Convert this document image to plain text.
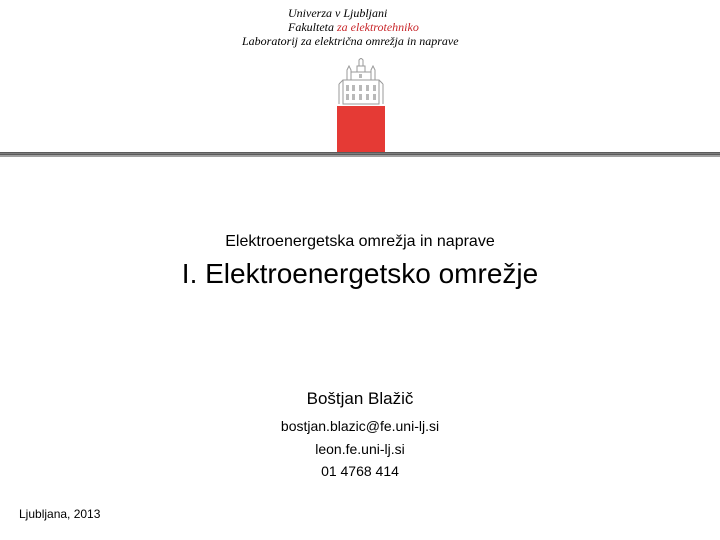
Univerza v Ljubljani
Fakulteta za elektrotehniko
Laboratorij za električna omrežja in naprave
Elektroenergetska omrežja in naprave
I. Elektroenergetsko omrežje
Boštjan Blažič
bostjan.blazic@fe.uni-lj.si
leon.fe.uni-lj.si
01 4768 414
Ljubljana, 2013
